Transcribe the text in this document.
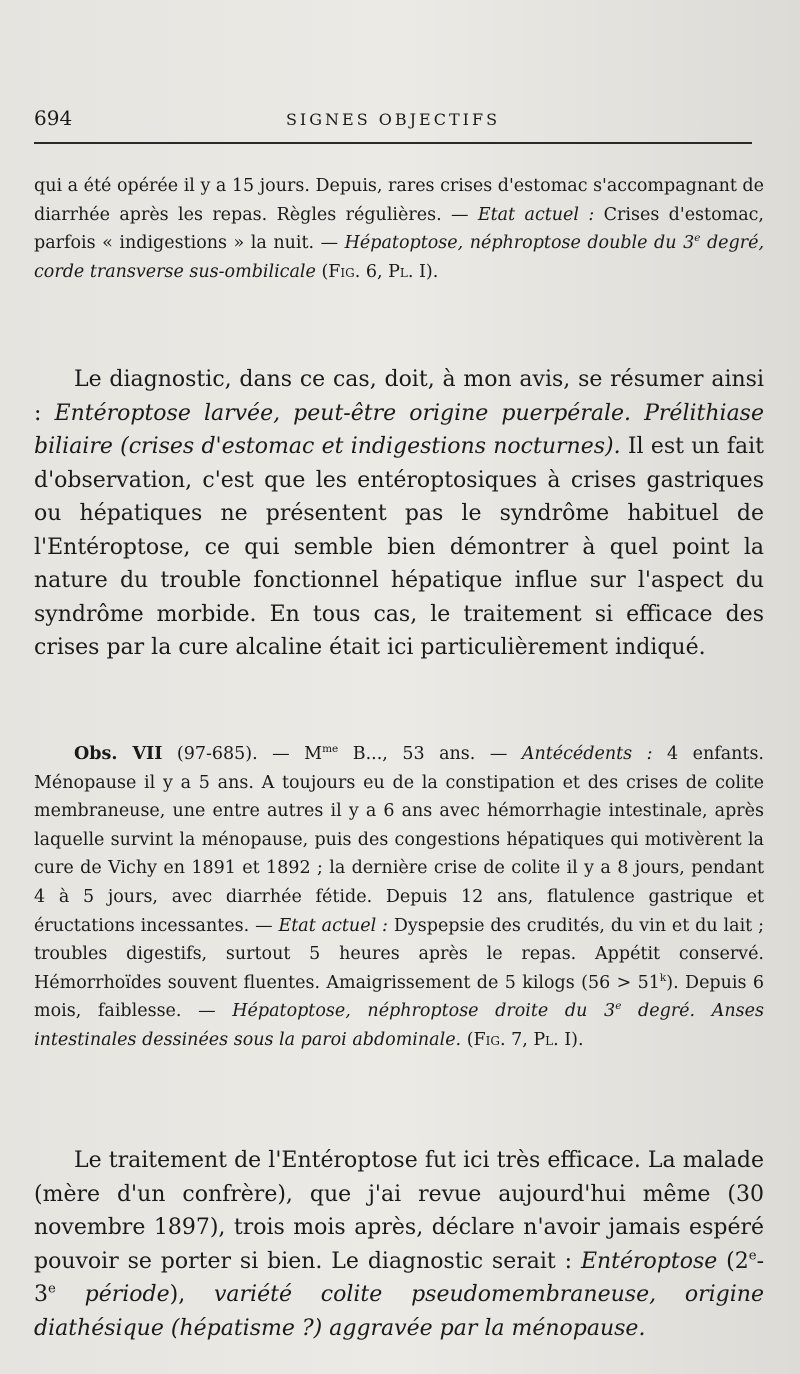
694	SIGNES OBJECTIFS

qui a été opérée il y a 15 jours. Depuis, rares crises d'estomac s'accompagnant de diarrhée après les repas. Règles régulières. — Etat actuel : Crises d'estomac, parfois « indigestions » la nuit. — Hépatoptose, néphroptose double du 3e degré, corde transverse sus-ombilicale (Fig. 6, Pl. I).

Le diagnostic, dans ce cas, doit, à mon avis, se résumer ainsi : Entéroptose larvée, peut-être origine puerpérale. Prélithiase biliaire (crises d'estomac et indigestions nocturnes). Il est un fait d'observation, c'est que les entéroptosiques à crises gastriques ou hépatiques ne présentent pas le syndrôme habituel de l'Entéroptose, ce qui semble bien démontrer à quel point la nature du trouble fonctionnel hépatique influe sur l'aspect du syndrôme morbide. En tous cas, le traitement si efficace des crises par la cure alcaline était ici particulièrement indiqué.

Obs. VII (97-685). — $M^{me}$ B..., 53 ans. — Antécédents : 4 enfants. Ménopause il y a 5 ans. A toujours eu de la constipation et des crises de colite membraneuse, une entre autres il y a 6 ans avec hémorrhagie intestinale, après laquelle survint la ménopause, puis des congestions hépatiques qui motivèrent la cure de Vichy en 1891 et 1892 ; la dernière crise de colite il y a 8 jours, pendant 4 à 5 jours, avec diarrhée fétide. Depuis 12 ans, flatulence gastrique et éructations incessantes. — Etat actuel : Dyspepsie des crudités, du vin et du lait ; troubles digestifs, surtout 5 heures après le repas. Appétit conservé. Hémorrhoïdes souvent fluentes. Amaigrissement de 5 kilogs $(56 > 51^k)$. Depuis 6 mois, faiblesse. — Hépatoptose, néphroptose droite du 3e degré. Anses intestinales dessinées sous la paroi abdominale. (Fig. 7, Pl. I).

Le traitement de l'Entéroptose fut ici très efficace. La malade (mère d'un confrère), que j'ai revue aujourd'hui même (30 novembre 1897), trois mois après, déclare n'avoir jamais espéré pouvoir se porter si bien. Le diagnostic serait : Entéroptose (2e-3e période), variété colite pseudomembraneuse, origine diathésique (hépatisme ?) aggravée par la ménopause.
